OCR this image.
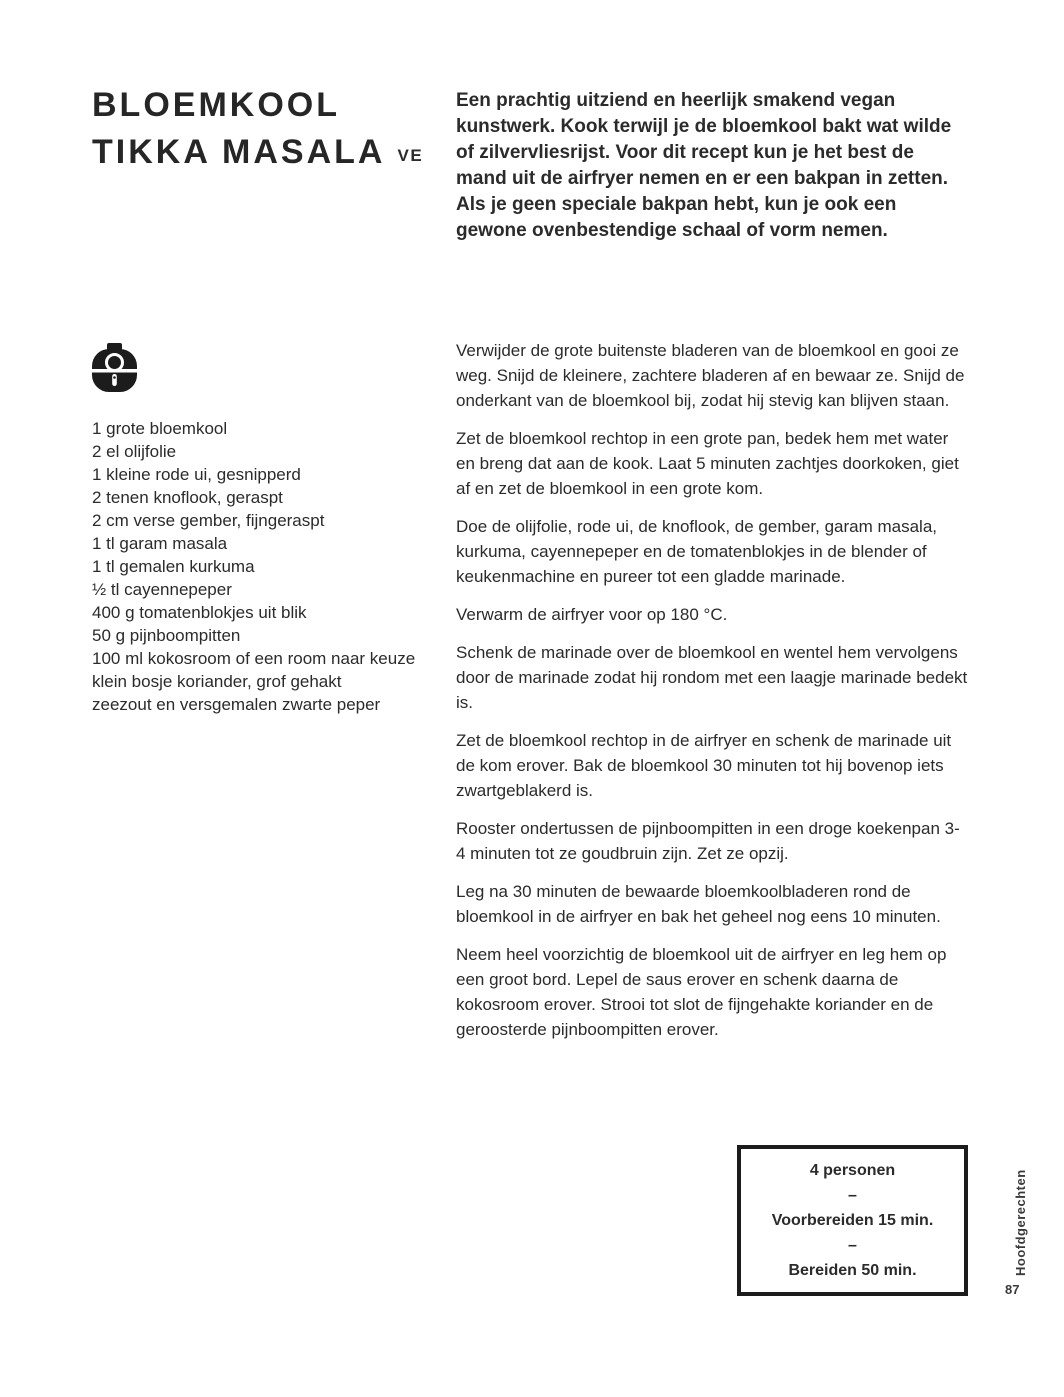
BLOEMKOOL
TIKKA MASALA VE
Een prachtig uitziend en heerlijk smakend vegan kunstwerk. Kook terwijl je de bloemkool bakt wat wilde of zilvervliesrijst. Voor dit recept kun je het best de mand uit de airfryer nemen en er een bakpan in zetten. Als je geen speciale bakpan hebt, kun je ook een gewone ovenbestendige schaal of vorm nemen.
1 grote bloemkool
2 el olijfolie
1 kleine rode ui, gesnipperd
2 tenen knoflook, geraspt
2 cm verse gember, fijngeraspt
1 tl garam masala
1 tl gemalen kurkuma
½ tl cayennepeper
400 g tomatenblokjes uit blik
50 g pijnboompitten
100 ml kokosroom of een room naar keuze
klein bosje koriander, grof gehakt
zeezout en versgemalen zwarte peper

Verwijder de grote buitenste bladeren van de bloemkool en gooi ze weg. Snijd de kleinere, zachtere bladeren af en bewaar ze. Snijd de onderkant van de bloemkool bij, zodat hij stevig kan blijven staan.

Zet de bloemkool rechtop in een grote pan, bedek hem met water en breng dat aan de kook. Laat 5 minuten zachtjes doorkoken, giet af en zet de bloemkool in een grote kom.

Doe de olijfolie, rode ui, de knoflook, de gember, garam masala, kurkuma, cayennepeper en de tomatenblokjes in de blender of keukenmachine en pureer tot een gladde marinade.

Verwarm de airfryer voor op 180 °C.

Schenk de marinade over de bloemkool en wentel hem vervolgens door de marinade zodat hij rondom met een laagje marinade bedekt is.

Zet de bloemkool rechtop in de airfryer en schenk de marinade uit de kom erover. Bak de bloemkool 30 minuten tot hij bovenop iets zwartgeblakerd is.

Rooster ondertussen de pijnboompitten in een droge koekenpan 3-4 minuten tot ze goudbruin zijn. Zet ze opzij.

Leg na 30 minuten de bewaarde bloemkoolbladeren rond de bloemkool in de airfryer en bak het geheel nog eens 10 minuten.

Neem heel voorzichtig de bloemkool uit de airfryer en leg hem op een groot bord. Lepel de saus erover en schenk daarna de kokosroom erover. Strooi tot slot de fijngehakte koriander en de geroosterde pijnboompitten erover.

4 personen
–
Voorbereiden 15 min.
–
Bereiden 50 min.	Hoofdgerechten
87
